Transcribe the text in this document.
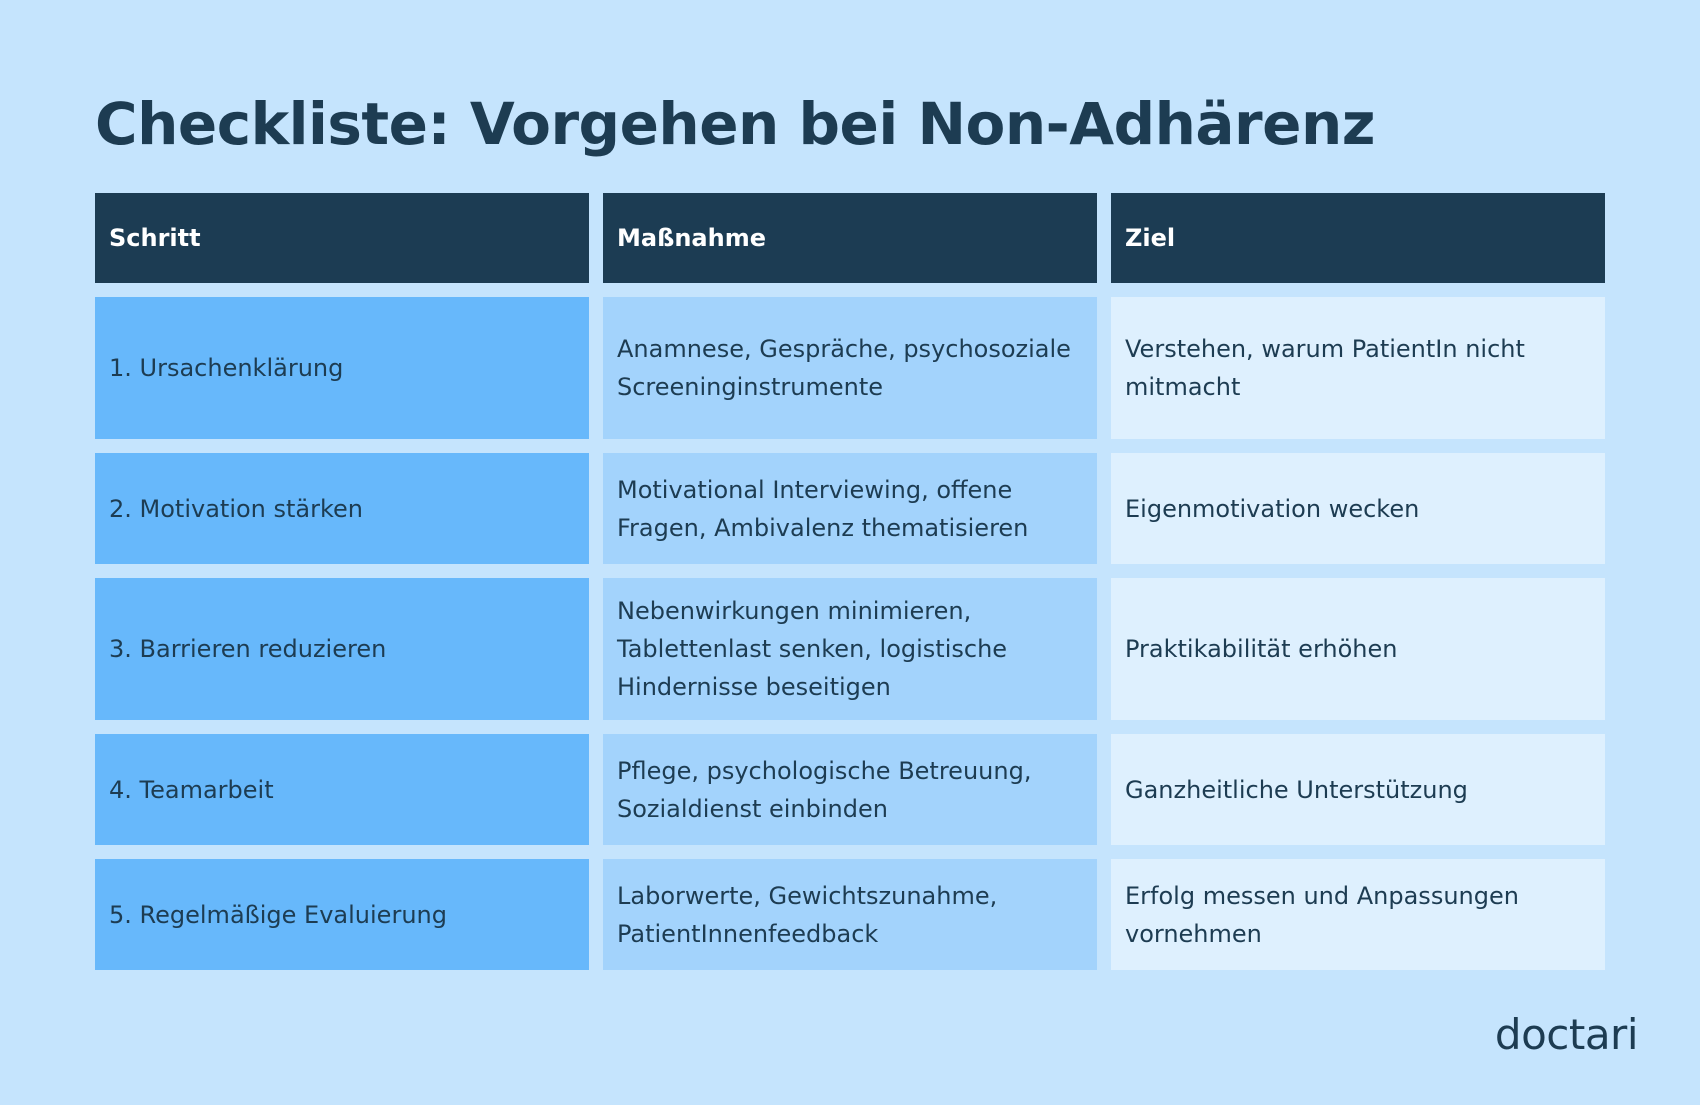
Checkliste: Vorgehen bei Non-Adhärenz
Schritt	Maßnahme	Ziel
1. Ursachenklärung
Anamnese, Gespräche, psychosoziale Screeninginstrumente
Verstehen, warum PatientIn nicht mitmacht
2. Motivation stärken
Motivational Interviewing, offene Fragen, Ambivalenz thematisieren
Eigenmotivation wecken
3. Barrieren reduzieren
Nebenwirkungen minimieren, Tablettenlast senken, logistische Hindernisse beseitigen
Praktikabilität erhöhen
4. Teamarbeit
Pflege, psychologische Betreuung, Sozialdienst einbinden
Ganzheitliche Unterstützung
5. Regelmäßige Evaluierung
Laborwerte, Gewichtszunahme, PatientInnenfeedback
Erfolg messen und Anpassungen vornehmen
doctari
